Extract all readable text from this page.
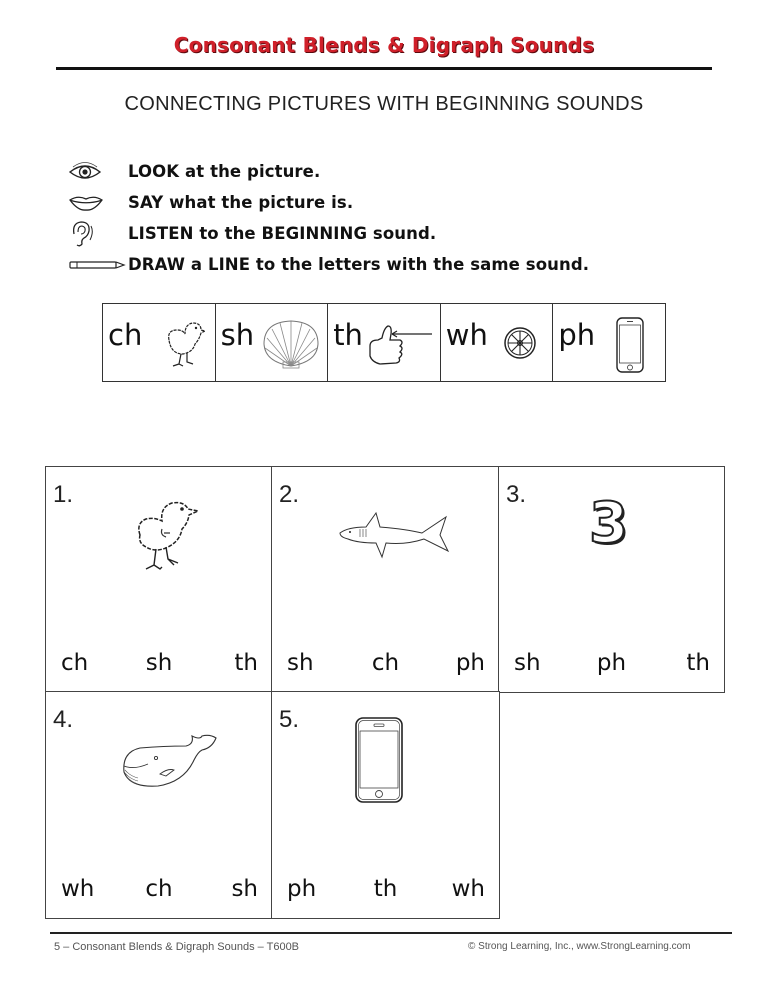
Consonant Blends & Digraph Sounds
CONNECTING PICTURES WITH BEGINNING SOUNDS
LOOK at the picture.
SAY what the picture is.
LISTEN to the BEGINNING sound.
DRAW a LINE to the letters with the same sound.
ch	sh	th	wh ph
1.
ch sh	th
2.
sh	ch ph
3. 3
sh ph	th
4.
wh ch	sh
5.
ph	th wh
5 – Consonant Blends & Digraph Sounds – T600B	© Strong Learning, Inc., www.StrongLearning.com
